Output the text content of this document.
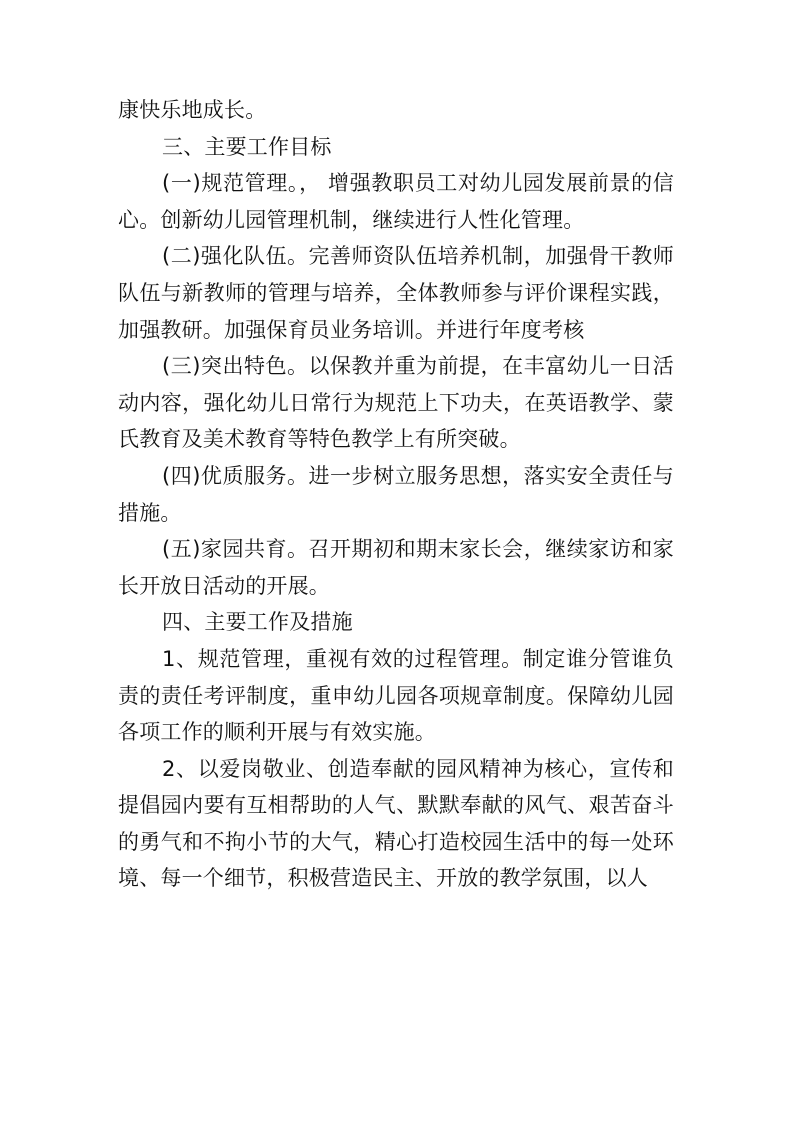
康快乐地成长。

三、主要工作目标

(一)规范管理。， 增强教职员工对幼儿园发展前景的信心。创新幼儿园管理机制，继续进行人性化管理。

(二)强化队伍。完善师资队伍培养机制，加强骨干教师队伍与新教师的管理与培养，全体教师参与评价课程实践，加强教研。加强保育员业务培训。并进行年度考核

(三)突出特色。以保教并重为前提，在丰富幼儿一日活动内容，强化幼儿日常行为规范上下功夫，在英语教学、蒙氏教育及美术教育等特色教学上有所突破。

(四)优质服务。进一步树立服务思想，落实安全责任与措施。

(五)家园共育。召开期初和期末家长会，继续家访和家长开放日活动的开展。

四、主要工作及措施

1、规范管理，重视有效的过程管理。制定谁分管谁负责的责任考评制度，重申幼儿园各项规章制度。保障幼儿园各项工作的顺利开展与有效实施。

2、以爱岗敬业、创造奉献的园风精神为核心，宣传和提倡园内要有互相帮助的人气、默默奉献的风气、艰苦奋斗的勇气和不拘小节的大气，精心打造校园生活中的每一处环境、每一个细节，积极营造民主、开放的教学氛围，以人
